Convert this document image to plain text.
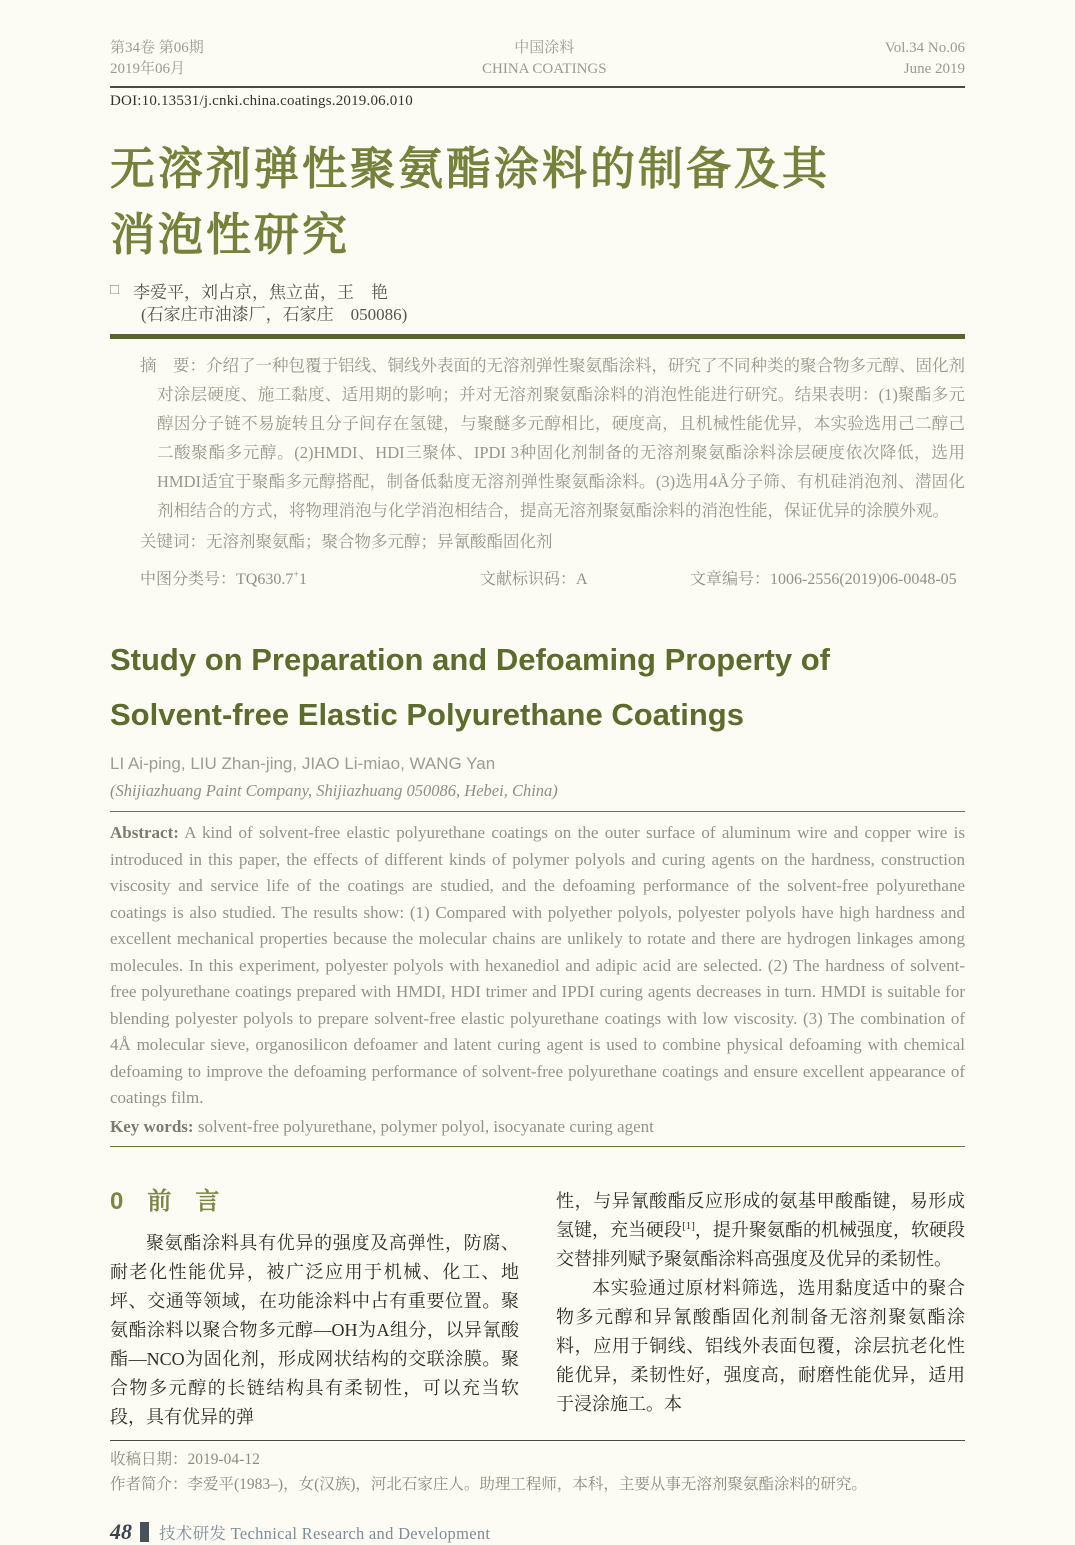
第34卷 第06期
2019年06月
中国涂料
CHINA COATINGS
Vol.34 No.06
June 2019
DOI:10.13531/j.cnki.china.coatings.2019.06.010
无溶剂弹性聚氨酯涂料的制备及其
消泡性研究
□ 李爱平，刘占京，焦立苗，王　艳
(石家庄市油漆厂，石家庄　050086)
摘　要：介绍了一种包覆于铝线、铜线外表面的无溶剂弹性聚氨酯涂料，研究了不同种类的聚合物多元醇、固化剂对涂层硬度、施工黏度、适用期的影响；并对无溶剂聚氨酯涂料的消泡性能进行研究。结果表明：(1)聚酯多元醇因分子链不易旋转且分子间存在氢键，与聚醚多元醇相比，硬度高，且机械性能优异，本实验选用己二醇己二酸聚酯多元醇。(2)HMDI、HDI三聚体、IPDI 3种固化剂制备的无溶剂聚氨酯涂料涂层硬度依次降低，选用HMDI适宜于聚酯多元醇搭配，制备低黏度无溶剂弹性聚氨酯涂料。(3)选用4Å分子筛、有机硅消泡剂、潜固化剂相结合的方式，将物理消泡与化学消泡相结合，提高无溶剂聚氨酯涂料的消泡性能，保证优异的涂膜外观。
关键词：无溶剂聚氨酯；聚合物多元醇；异氰酸酯固化剂
中图分类号：TQ630.7+1	文献标识码：A	文章编号：1006-2556(2019)06-0048-05
Study on Preparation and Defoaming Property of
Solvent-free Elastic Polyurethane Coatings
LI Ai-ping, LIU Zhan-jing, JIAO Li-miao, WANG Yan
(Shijiazhuang Paint Company, Shijiazhuang 050086, Hebei, China)
Abstract: A kind of solvent-free elastic polyurethane coatings on the outer surface of aluminum wire and copper wire is introduced in this paper, the effects of different kinds of polymer polyols and curing agents on the hardness, construction viscosity and service life of the coatings are studied, and the defoaming performance of the solvent-free polyurethane coatings is also studied. The results show: (1) Compared with polyether polyols, polyester polyols have high hardness and excellent mechanical properties because the molecular chains are unlikely to rotate and there are hydrogen linkages among molecules. In this experiment, polyester polyols with hexanediol and adipic acid are selected. (2) The hardness of solvent-free polyurethane coatings prepared with HMDI, HDI trimer and IPDI curing agents decreases in turn. HMDI is suitable for blending polyester polyols to prepare solvent-free elastic polyurethane coatings with low viscosity. (3) The combination of 4Å molecular sieve, organosilicon defoamer and latent curing agent is used to combine physical defoaming with chemical defoaming to improve the defoaming performance of solvent-free polyurethane coatings and ensure excellent appearance of coatings film.
Key words: solvent-free polyurethane, polymer polyol, isocyanate curing agent
0　前　言

聚氨酯涂料具有优异的强度及高弹性，防腐、耐老化性能优异，被广泛应用于机械、化工、地坪、交通等领域，在功能涂料中占有重要位置。聚氨酯涂料以聚合物多元醇—OH为A组分，以异氰酸酯—NCO为固化剂，形成网状结构的交联涂膜。聚合物多元醇的长链结构具有柔韧性，可以充当软段，具有优异的弹

性，与异氰酸酯反应形成的氨基甲酸酯键，易形成氢键，充当硬段[1]，提升聚氨酯的机械强度，软硬段交替排列赋予聚氨酯涂料高强度及优异的柔韧性。

本实验通过原材料筛选，选用黏度适中的聚合物多元醇和异氰酸酯固化剂制备无溶剂聚氨酯涂料，应用于铜线、铝线外表面包覆，涂层抗老化性能优异，柔韧性好，强度高，耐磨性能优异，适用于浸涂施工。本

收稿日期：2019-04-12
作者简介：李爱平(1983–)，女(汉族)，河北石家庄人。助理工程师，本科，主要从事无溶剂聚氨酯涂料的研究。
48 技术研发 Technical Research and Development
